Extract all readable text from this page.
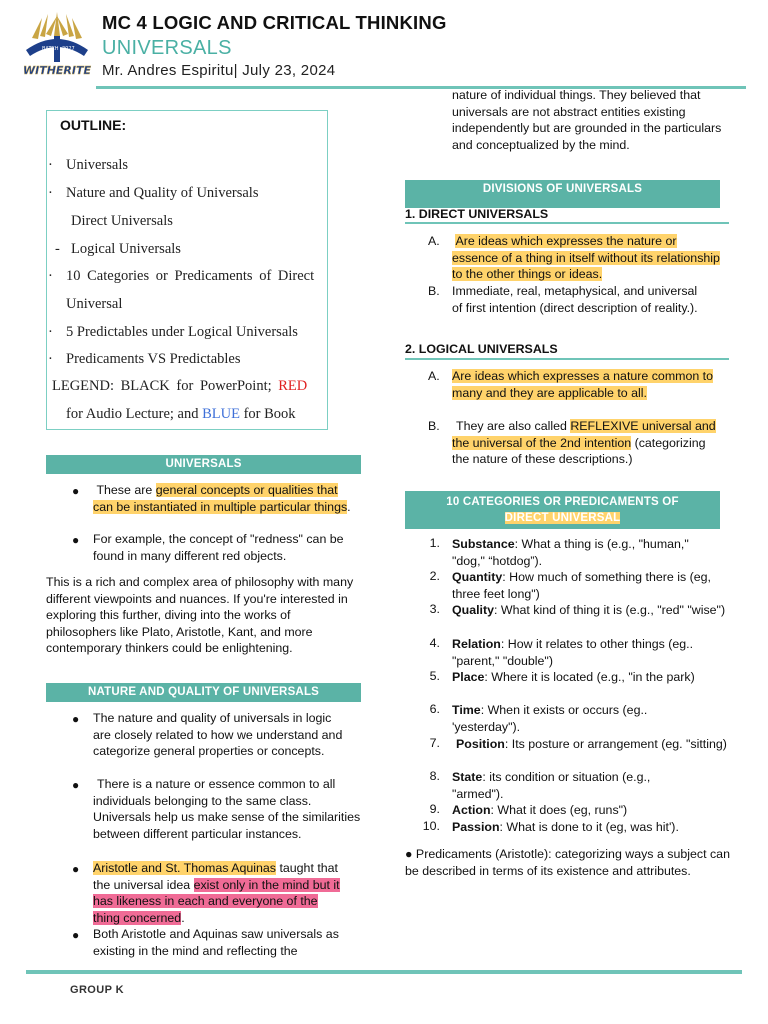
BATCH 2027
WITHERITE
MC 4 LOGIC AND CRITICAL THINKING
UNIVERSALS
Mr. Andres Espiritu| July 23, 2024
OUTLINE:
· Universals
· Nature and Quality of Universals
Direct Universals
- Logical Universals
· 10 Categories or Predicaments of Direct
Universal
· 5 Predictables under Logical Universals
· Predicaments VS Predictables
LEGEND: BLACK for PowerPoint; RED
for Audio Lecture; and BLUE for Book
UNIVERSALS
● These are general concepts or qualities that can be instantiated in multiple particular things.
● For example, the concept of "redness" can be found in many different red objects.
This is a rich and complex area of philosophy with many different viewpoints and nuances. If you're interested in exploring this further, diving into the works of philosophers like Plato, Aristotle, Kant, and more contemporary thinkers could be enlightening.
NATURE AND QUALITY OF UNIVERSALS
● The nature and quality of universals in logic are closely related to how we understand and categorize general properties or concepts.
●	There is a nature or essence common to all individuals belonging to the same class. Universals help us make sense of the similarities between different particular instances.
● Aristotle and St. Thomas Aquinas taught that the universal idea exist only in the mind but it has likeness in each and everyone of the thing concerned.
● Both Aristotle and Aquinas saw universals as existing in the mind and reflecting the
nature of individual things. They believed that universals are not abstract entities existing independently but are grounded in the particulars and conceptualized by the mind.
DIVISIONS OF UNIVERSALS
1. DIRECT UNIVERSALS
A. Are ideas which expresses the nature or essence of a thing in itself without its relationship to the other things or ideas.
B. Immediate, real, metaphysical, and universal of first intention (direct description of reality.).
2. LOGICAL UNIVERSALS
A. Are ideas which expresses a nature common to many and they are applicable to all.
B.	They are also called REFLEXIVE universal and the universal of the 2nd intention (categorizing the nature of these descriptions.)
10 CATEGORIES OR PREDICAMENTS OF
DIRECT UNIVERSAL
1. Substance: What a thing is (e.g., "human," "dog," “hotdog”).
2. Quantity: How much of something there is (eg, three feet long")
3. Quality: What kind of thing it is (e.g., "red" "wise")
4. Relation: How it relates to other things (eg.. "parent," "double")
5. Place: Where it is located (e.g., "in the park)
6. Time: When it exists or occurs (eg.. 'yesterday").
7.	Position: Its posture or arrangement (eg. "sitting)
8. State: its condition or situation (e.g., "armed").
9. Action: What it does (eg, runs")
10. Passion: What is done to it (eg, was hit').
● Predicaments (Aristotle): categorizing ways a subject can be described in terms of its existence and attributes.
GROUP K
